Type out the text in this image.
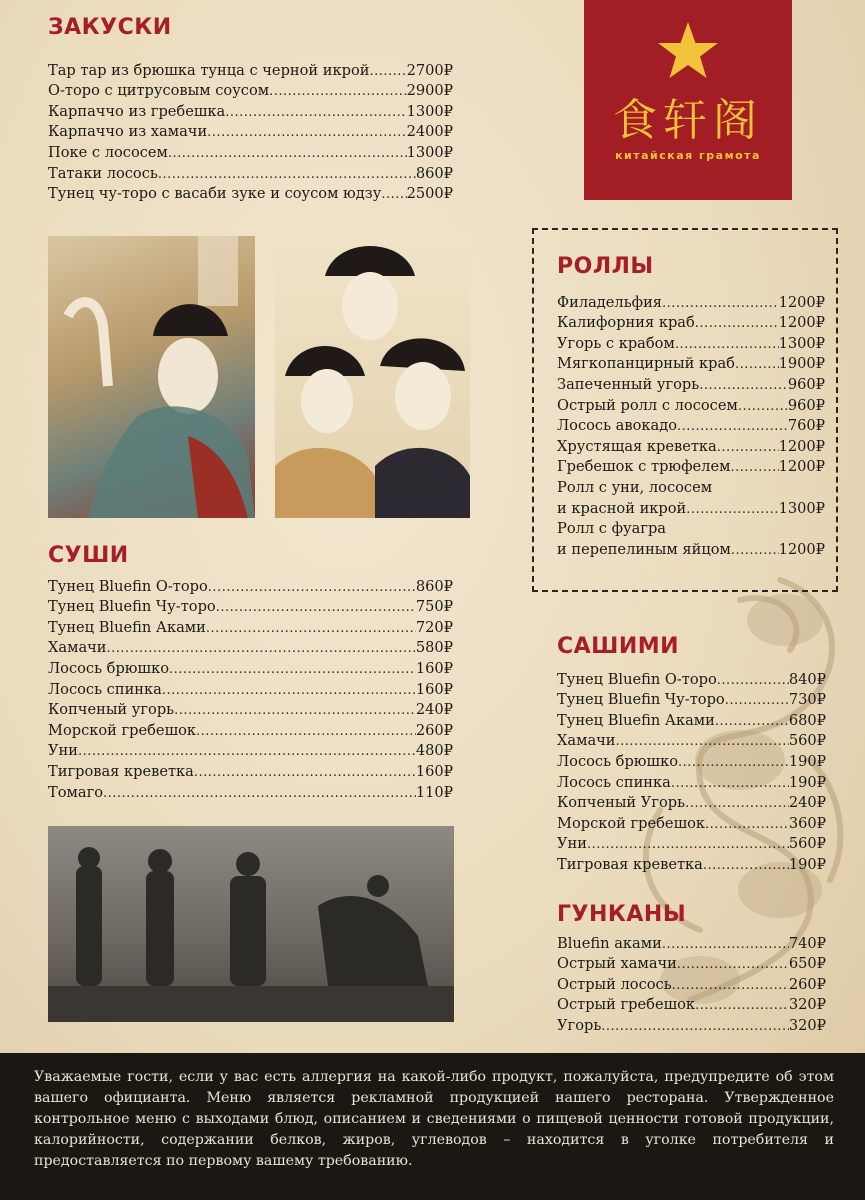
食轩阁
китайская грамота
ЗАКУСКИ
Тар тар из брюшка тунца с черной икрой .....	2700 ₽
О-торо с цитрусовым соусом .....	2900 ₽
Карпаччо из гребешка .....	1300 ₽
Карпаччо из хамачи .....	2400 ₽
Поке с лососем .....	1300 ₽
Татаки лосось .....	860 ₽
Тунец чу-торо с васаби зуке и соусом юдзу ..... 2500 ₽
СУШИ
Тунец Bluefin О-торо .....	860 ₽
Тунец Bluefin Чу-торо .....	750 ₽
Тунец Bluefin Аками .....	720 ₽
Хамачи .....	580 ₽
Лосось брюшко .....	160 ₽
Лосось спинка .....	160 ₽
Копченый угорь .....	240 ₽
Морской гребешок .....	260 ₽
Уни .....	480 ₽
Тигровая креветка .....	160 ₽
Томаго .....	110 ₽
РОЛЛЫ
Филадельфия .....	1200 ₽
Калифорния краб .....	1200 ₽
Угорь с крабом .....	1300 ₽
Мягкопанцирный краб .....	1900 ₽
Запеченный угорь .....	960 ₽
Острый ролл с лососем .....	960 ₽
Лосось авокадо .....	760 ₽
Хрустящая креветка .....	1200 ₽
Гребешок с трюфелем .....	1200 ₽
Ролл с уни, лососем
и красной икрой .....	1300 ₽
Ролл с фуагра
и перепелиным яйцом .....	1200 ₽
САШИМИ
Тунец Bluefin О-торо .....	840 ₽
Тунец Bluefin Чу-торо .....	730 ₽
Тунец Bluefin Аками .....	680 ₽
Хамачи .....	560 ₽
Лосось брюшко .....	190 ₽
Лосось спинка .....	190 ₽
Копченый Угорь .....	240 ₽
Морской гребешок .....	360 ₽
Уни .....	560 ₽
Тигровая креветка .....	190 ₽
ГУНКАНЫ
Bluefin аками .....	740 ₽
Острый хамачи .....	650 ₽
Острый лосось .....	260 ₽
Острый гребешок .....	320 ₽
Угорь .....	320 ₽

Уважаемые гости, если у вас есть аллергия на какой-либо продукт, пожалуйста, предупредите об этом вашего официанта. Меню является рекламной продукцией нашего ресторана. Утвержденное контрольное меню с выходами блюд, описанием и сведениями о пищевой ценности готовой продукции, калорийности, содержании белков, жиров, углеводов – находится в уголке потребителя и предоставляется по первому вашему требованию.
